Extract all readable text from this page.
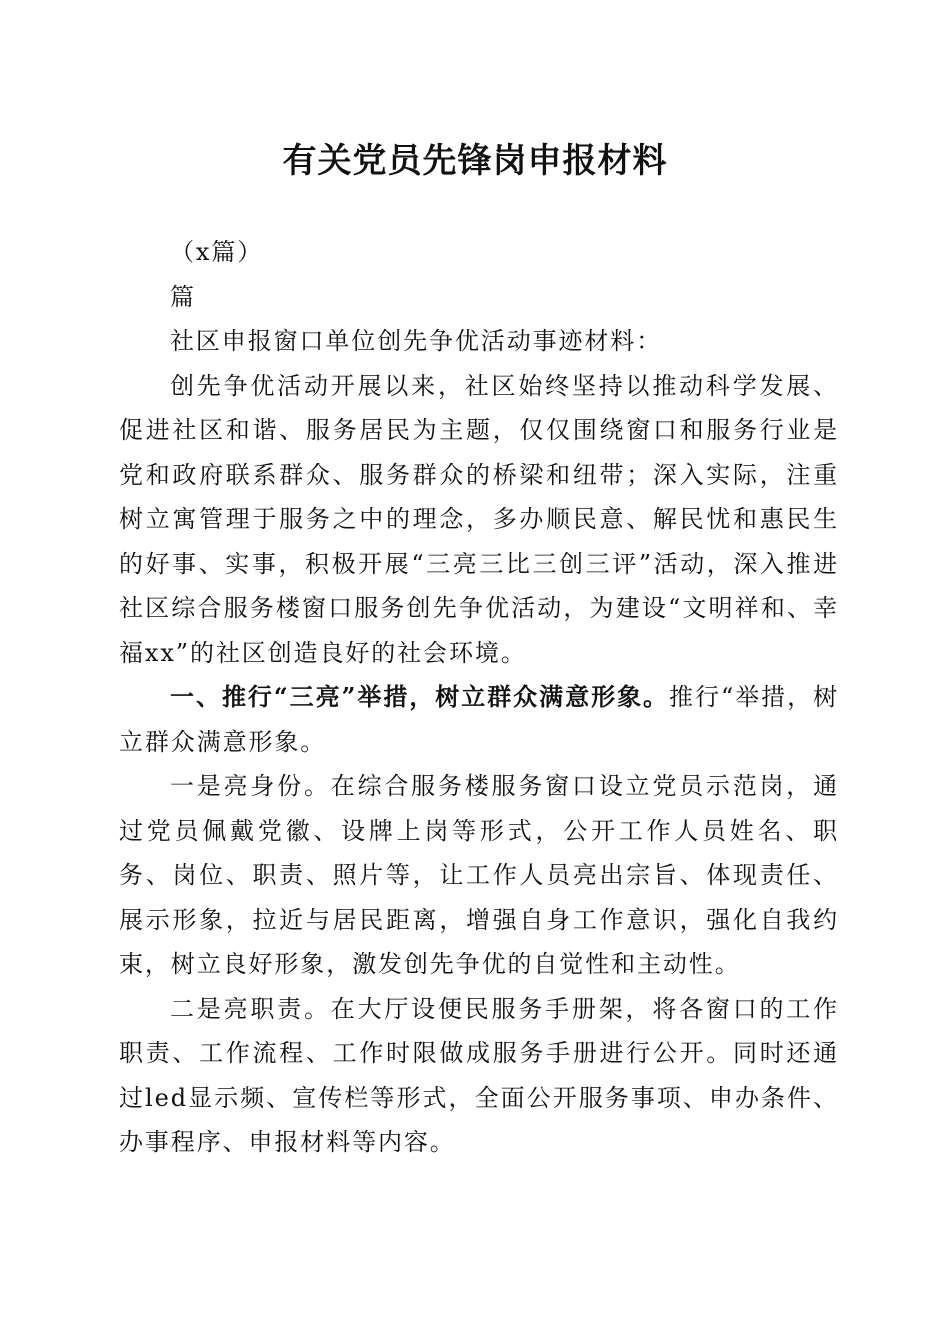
有关党员先锋岗申报材料

（x篇）

篇

社区申报窗口单位创先争优活动事迹材料：

创先争优活动开展以来，社区始终坚持以推动科学发展、促进社区和谐、服务居民为主题，仅仅围绕窗口和服务行业是党和政府联系群众、服务群众的桥梁和纽带；深入实际，注重树立寓管理于服务之中的理念，多办顺民意、解民忧和惠民生的好事、实事，积极开展“三亮三比三创三评”活动，深入推进社区综合服务楼窗口服务创先争优活动，为建设“文明祥和、幸福xx”的社区创造良好的社会环境。

一、推行“三亮”举措，树立群众满意形象。推行“举措，树立群众满意形象。

一是亮身份。在综合服务楼服务窗口设立党员示范岗，通过党员佩戴党徽、设牌上岗等形式，公开工作人员姓名、职务、岗位、职责、照片等，让工作人员亮出宗旨、体现责任、展示形象，拉近与居民距离，增强自身工作意识，强化自我约束，树立良好形象，激发创先争优的自觉性和主动性。

二是亮职责。在大厅设便民服务手册架，将各窗口的工作职责、工作流程、工作时限做成服务手册进行公开。同时还通过led显示频、宣传栏等形式，全面公开服务事项、申办条件、办事程序、申报材料等内容。
